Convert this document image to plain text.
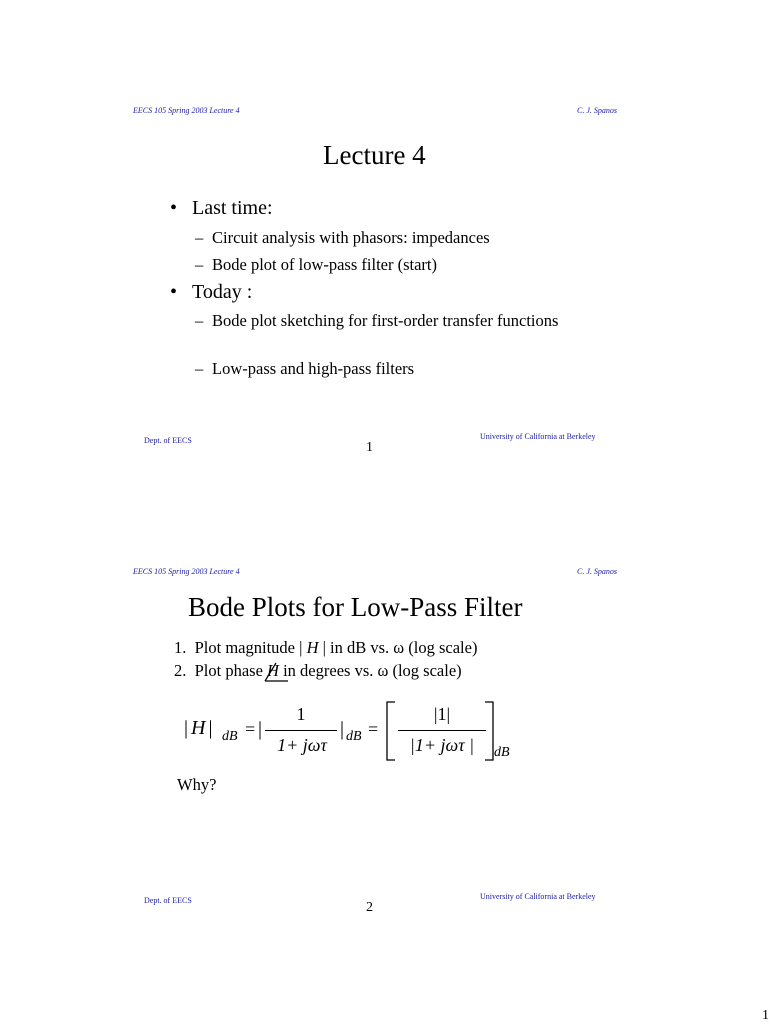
EECS 105 Spring 2003 Lecture 4	C. J. Spanos
Lecture 4
• Last time:
– Circuit analysis with phasors: impedances
– Bode plot of low-pass filter (start)
• Today :
– Bode plot sketching for first-order transfer functions
– Low-pass and high-pass filters
Dept. of EECS	University of California at Berkeley
1
EECS 105 Spring 2003 Lecture 4	C. J. Spanos
Bode Plots for Low-Pass Filter
1. Plot magnitude | H | in dB vs. ω (log scale)
2. Plot phase
H in degrees vs. ω (log scale)
| H | dB = |
1
1+ jωτ
| dB =
|1|
|1+ jωτ |	dB
Why?
Dept. of EECS	University of California at Berkeley
2
1
